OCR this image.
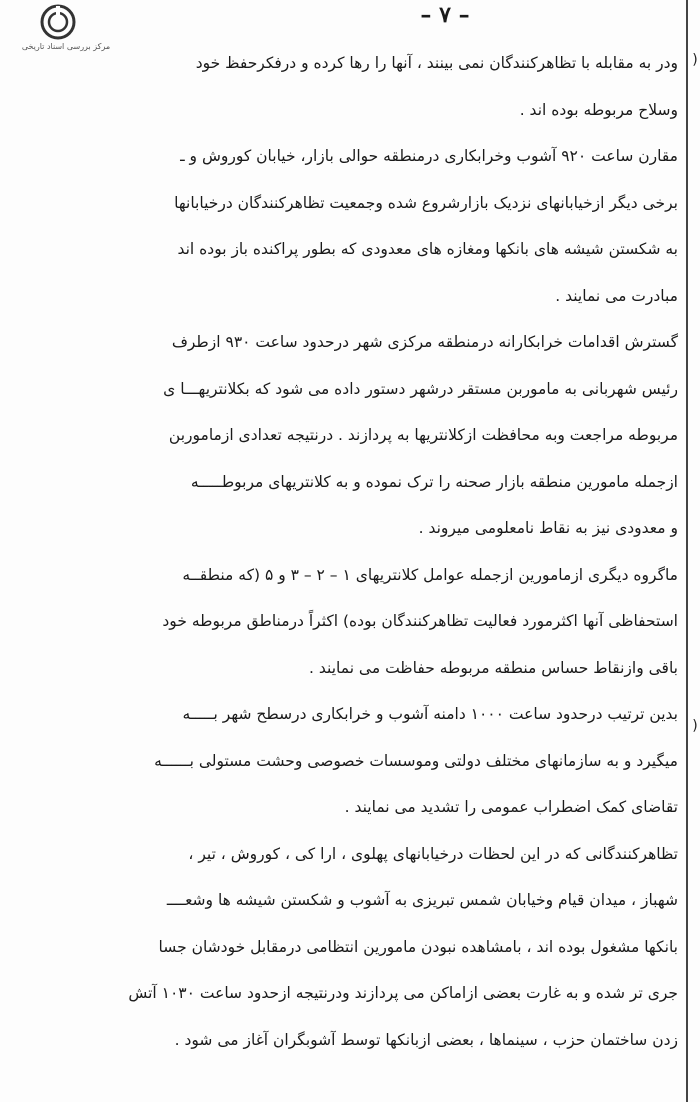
مرکز بررسی اسناد تاریخی
– ٧ –
ودر به مقابله با تظاهرکنندگان نمی بینند ، آنها را رها کرده و درفکرحفظ خود
وسلاح مربوطه بوده اند .
مقارن ساعت ۹۲۰ آشوب وخرابکاری درمنطقه حوالی بازار، خیابان کوروش و ـ
برخی دیگر ازخیابانهای نزدیک بازارشروع شده وجمعیت تظاهرکنندگان درخیابانها
به شکستن شیشه های بانکها ومغازه های معدودی که بطور پراکنده باز بوده اند
مبادرت می نمایند .
گسترش اقدامات خرابکارانه درمنطقه مرکزی شهر درحدود ساعت ۹۳۰ ازطرف
رئیس شهربانی به ماموربن مستقر درشهر دستور داده می شود که بکلانتریهـــا ی
مربوطه مراجعت وبه محافظت ازکلانتریها به پردازند . درنتیجه تعدادی ازماموربن
ازجمله مامورین منطقه بازار صحنه را ترک نموده و به کلانتریهای مربوطـــــه
و معدودی نیز به نقاط نامعلومی میروند .
ماگروه دیگری ازمامورین ازجمله عوامل کلانتریهای ۱ – ۲ – ۳ و ۵ (که منطقــه
استحفاظی آنها اکثرمورد فعالیت تظاهرکنندگان بوده) اکثراً درمناطق مربوطه خود
باقی وازنقاط حساس منطقه مربوطه حفاظت می نمایند .
بدین ترتیب درحدود ساعت ۱۰۰۰ دامنه آشوب و خرابکاری درسطح شهر بـــــه
میگیرد و به سازمانهای مختلف دولتی وموسسات خصوصی وحشت مستولی بــــــه
تقاضای کمک اضطراب عمومی را تشدید می نمایند .
تظاهرکنندگانی که در این لحظات درخیابانهای پهلوی ، ارا کی ، کوروش ، تیر ،
شهباز ، میدان قیام وخیابان شمس تبریزی به آشوب و شکستن شیشه ها وشعــــ
بانکها مشغول بوده اند ، بامشاهده نبودن مامورین انتظامی درمقابل خودشان جسا
جری تر شده و به غارت بعضی ازاماکن می پردازند ودرنتیجه ازحدود ساعت ۱۰۳۰ آتش
زدن ساختمان حزب ، سینماها ، بعضی ازبانکها توسط آشوبگران آغاز می شود .
)
)
